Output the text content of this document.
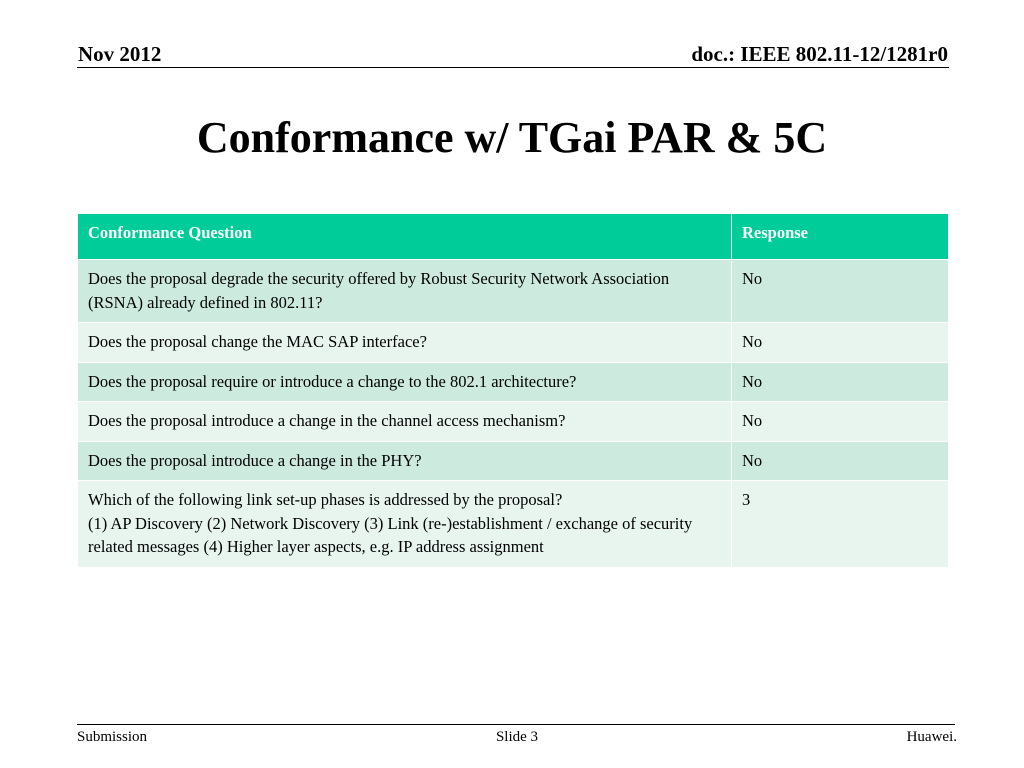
Nov 2012	doc.: IEEE 802.11-12/1281r0
Conformance w/ TGai PAR & 5C
Conformance Question	Response
Does the proposal degrade the security offered by Robust Security Network Association (RSNA) already defined in 802.11?	No
Does the proposal change the MAC SAP interface?	No
Does the proposal require or introduce a change to the 802.1 architecture?	No
Does the proposal introduce a change in the channel access mechanism?	No
Does the proposal introduce a change in the PHY?	No

Which of the following link set-up phases is addressed by the proposal?
(1) AP Discovery (2) Network Discovery (3) Link (re-)establishment / exchange of security related messages (4) Higher layer aspects, e.g. IP address assignment	3
Submission	Slide 3	Huawei.
